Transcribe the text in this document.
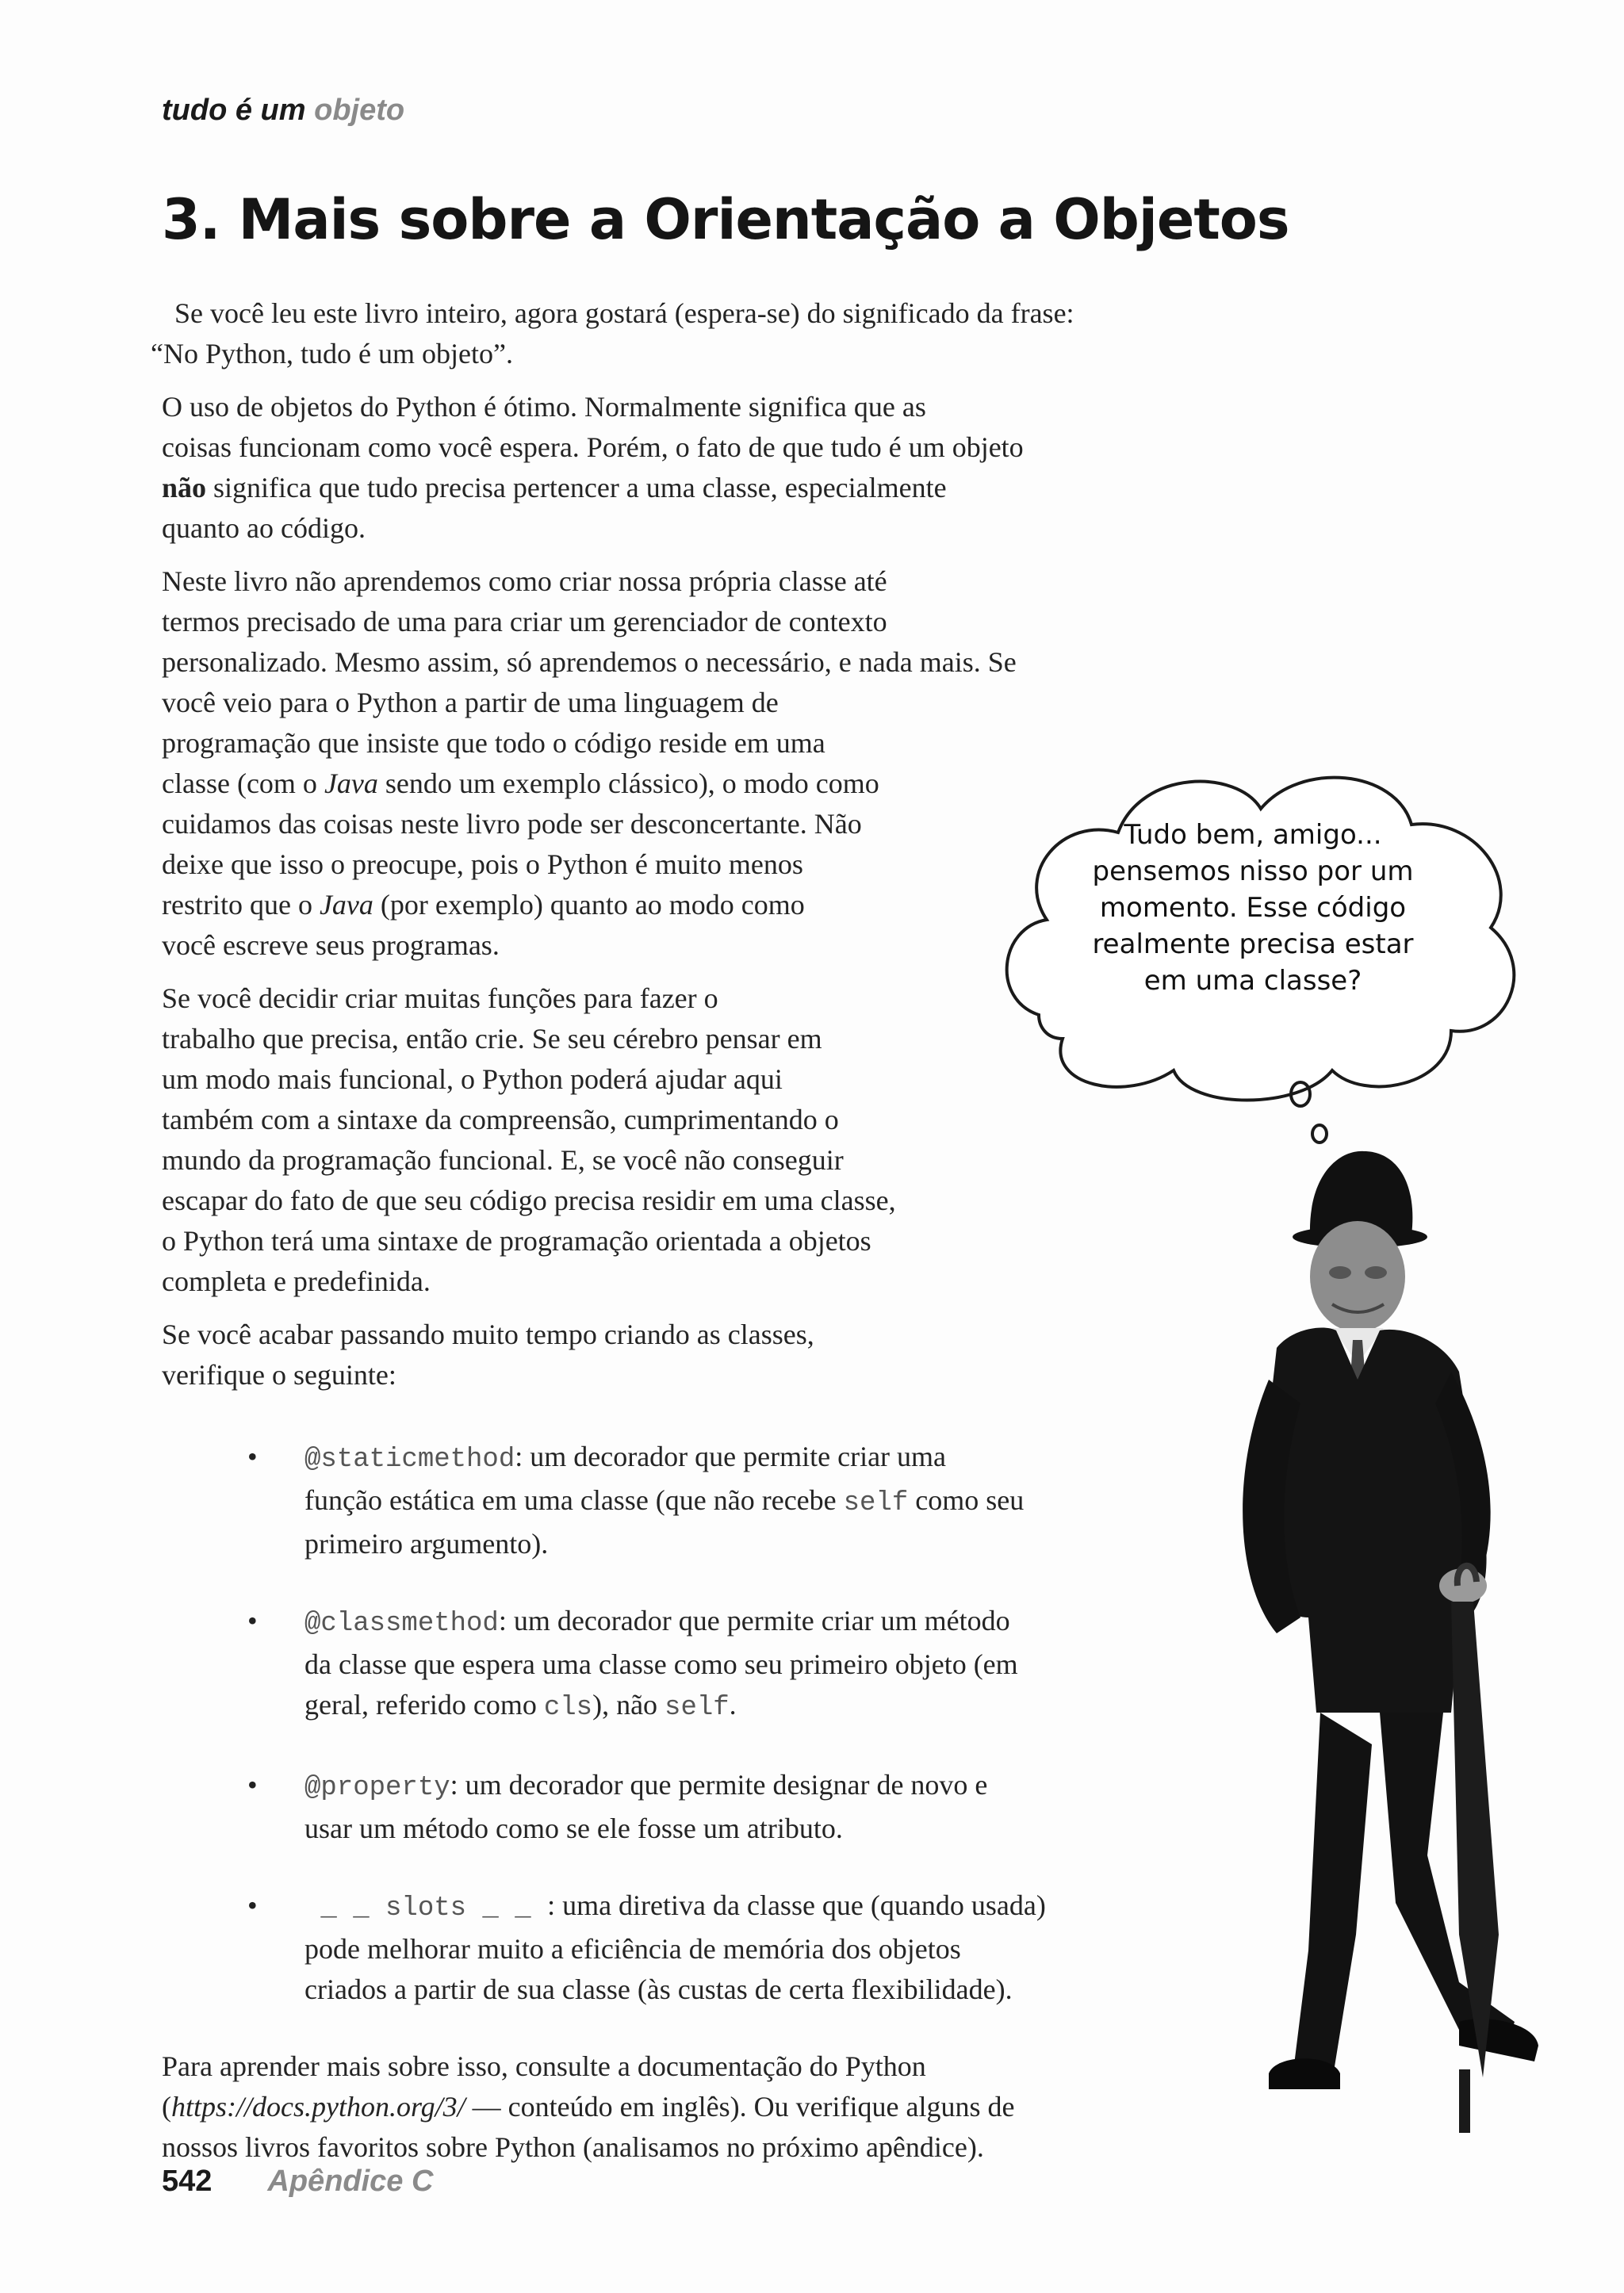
tudo é um objeto
3. Mais sobre a Orientação a Objetos

Se você leu este livro inteiro, agora gostará (espera-se) do significado da frase:
“No Python, tudo é um objeto”.

O uso de objetos do Python é ótimo. Normalmente significa que as
coisas funcionam como você espera. Porém, o fato de que tudo é um objeto
não significa que tudo precisa pertencer a uma classe, especialmente
quanto ao código.

Neste livro não aprendemos como criar nossa própria classe até
termos precisado de uma para criar um gerenciador de contexto
personalizado. Mesmo assim, só aprendemos o necessário, e nada mais. Se
você veio para o Python a partir de uma linguagem de
programação que insiste que todo o código reside em uma
classe (com o Java sendo um exemplo clássico), o modo como
cuidamos das coisas neste livro pode ser desconcertante. Não
deixe que isso o preocupe, pois o Python é muito menos
restrito que o Java (por exemplo) quanto ao modo como
você escreve seus programas.

Se você decidir criar muitas funções para fazer o
trabalho que precisa, então crie. Se seu cérebro pensar em
um modo mais funcional, o Python poderá ajudar aqui
também com a sintaxe da compreensão, cumprimentando o
mundo da programação funcional. E, se você não conseguir
escapar do fato de que seu código precisa residir em uma classe,
o Python terá uma sintaxe de programação orientada a objetos
completa e predefinida.

Se você acabar passando muito tempo criando as classes,
verifique o seguinte:

• @staticmethod: um decorador que permite criar uma
função estática em uma classe (que não recebe self como seu
primeiro argumento).
• @classmethod: um decorador que permite criar um método
da classe que espera uma classe como seu primeiro objeto (em
geral, referido como cls), não self.
• @property: um decorador que permite designar de novo e
usar um método como se ele fosse um atributo.
• _ _ slots _ _ : uma diretiva da classe que (quando usada)
pode melhorar muito a eficiência de memória dos objetos
criados a partir de sua classe (às custas de certa flexibilidade).

Para aprender mais sobre isso, consulte a documentação do Python
(https://docs.python.org/3/ — conteúdo em inglês). Ou verifique alguns de
nossos livros favoritos sobre Python (analisamos no próximo apêndice).

Tudo bem, amigo...
pensemos nisso por um
momento. Esse código
realmente precisa estar
em uma classe?
542 Apêndice C
